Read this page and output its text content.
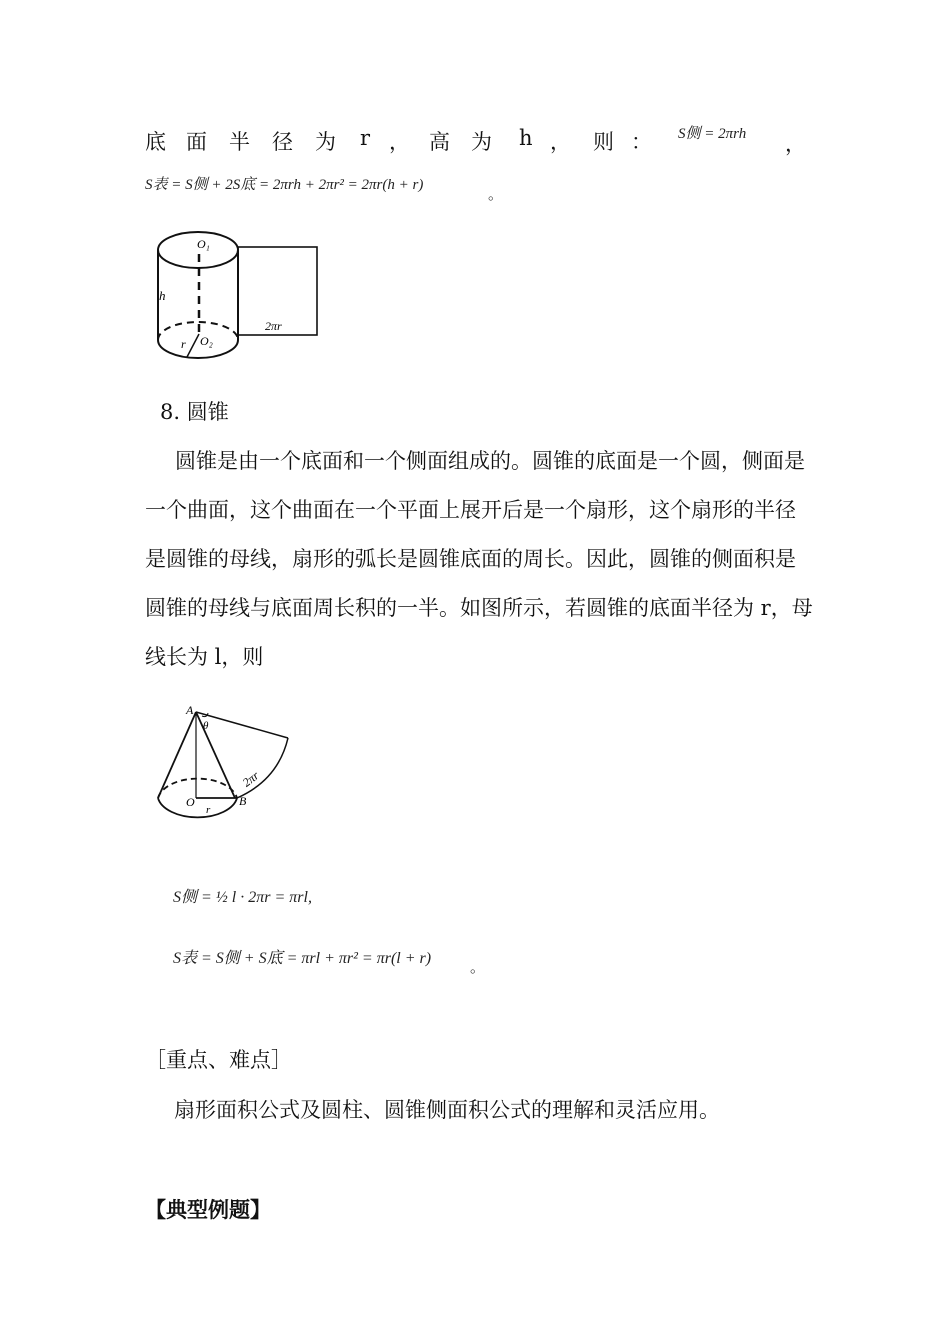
底 面 半 径 为 r ， 高 为 h ， 则 ： S侧 = 2πrh ，
S表 = S侧 + 2S底 = 2πrh + 2πr² = 2πr(h + r)	。
O₁
h
r O₂
2πr
8. 圆锥
圆锥是由一个底面和一个侧面组成的。圆锥的底面是一个圆，侧面是一个曲面，这个曲面在一个平面上展开后是一个扇形，这个扇形的半径是圆锥的母线，扇形的弧长是圆锥底面的周长。因此，圆锥的侧面积是圆锥的母线与底面周长积的一半。如图所示，若圆锥的底面半径为 r，母线长为 l，则
A
θ
2πr
O
r
B
S侧 = ½ l · 2πr = πrl,
S表 = S侧 + S底 = πrl + πr² = πr(l + r)	。
［重点、难点］
扇形面积公式及圆柱、圆锥侧面积公式的理解和灵活应用。
【典型例题】
